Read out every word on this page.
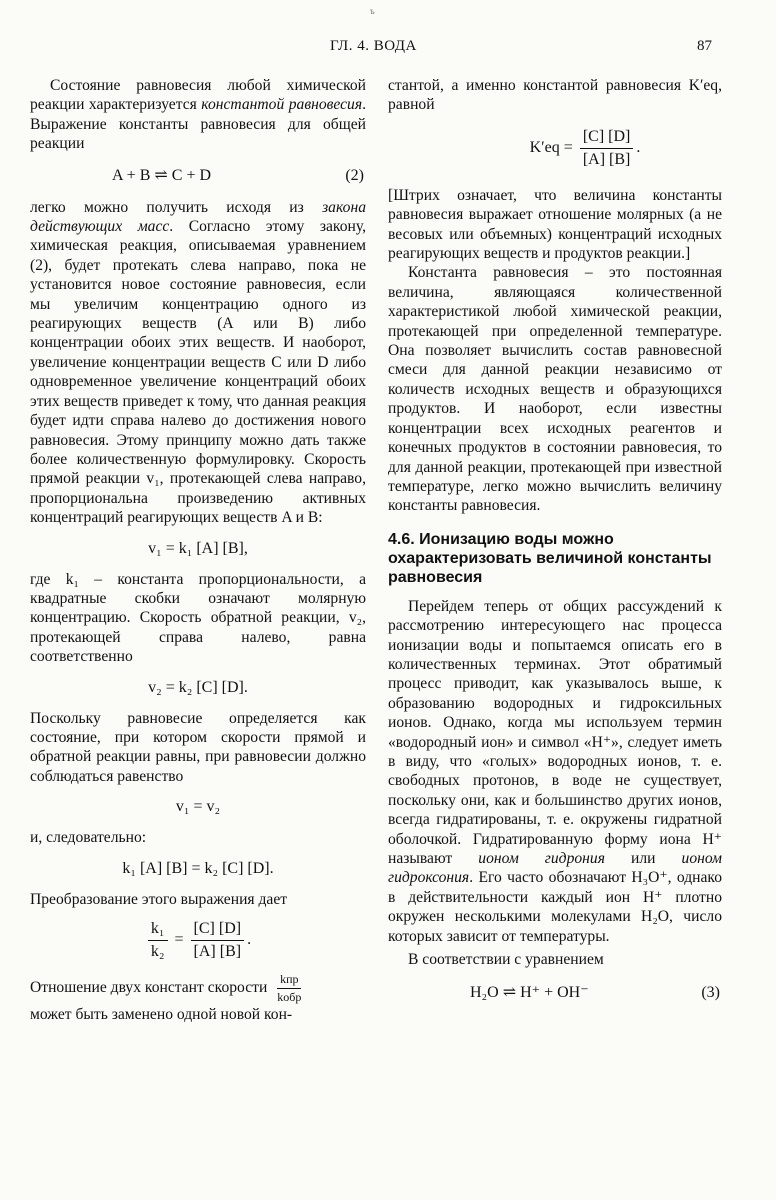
ъ
ГЛ. 4. ВОДА	87

Состояние равновесия любой химической реакции характеризуется константой равновесия. Выражение константы равновесия для общей реакции

A + B ⇌ C + D	(2)

легко можно получить исходя из закона действующих масс. Согласно этому закону, химическая реакция, описываемая уравнением (2), будет протекать слева направо, пока не установится новое состояние равновесия, если мы увеличим концентрацию одного из реагирующих веществ (A или B) либо концентрации обоих этих веществ. И наоборот, увеличение концентрации веществ C или D либо одновременное увеличение концентраций обоих этих веществ приведет к тому, что данная реакция будет идти справа налево до достижения нового равновесия. Этому принципу можно дать также более количественную формулировку. Скорость прямой реакции v₁, протекающей слева направо, пропорциональна произведению активных концентраций реагирующих веществ A и B:

v₁ = k₁ [A] [B],

где k₁ – константа пропорциональности, а квадратные скобки означают молярную концентрацию. Скорость обратной реакции, v₂, протекающей справа налево, равна соответственно

v₂ = k₂ [C] [D].

Поскольку равновесие определяется как состояние, при котором скорости прямой и обратной реакции равны, при равновесии должно соблюдаться равенство

v₁ = v₂

и, следовательно:

k₁ [A] [B] = k₂ [C] [D].

Преобразование этого выражения дает

$\frac{\text{k₁}}{\text{k₂}} = \frac{[C] [D]}{[A] [B]}$ .

Отношение двух констант скорости $\frac{\text{kпр}}{\text{kобр}}$

может быть заменено одной новой кон-

стантой, а именно константой равновесия K′eq, равной

$K'eq = \frac{[C] [D]}{[A] [B]}$ .

[Штрих означает, что величина константы равновесия выражает отношение молярных (а не весовых или объемных) концентраций исходных реагирующих веществ и продуктов реакции.]

Константа равновесия – это постоянная величина, являющаяся количественной характеристикой любой химической реакции, протекающей при определенной температуре. Она позволяет вычислить состав равновесной смеси для данной реакции независимо от количеств исходных веществ и образующихся продуктов. И наоборот, если известны концентрации всех исходных реагентов и конечных продуктов в состоянии равновесия, то для данной реакции, протекающей при известной температуре, легко можно вычислить величину константы равновесия.

4.6. Ионизацию воды можно охарактеризовать величиной константы равновесия

Перейдем теперь от общих рассуждений к рассмотрению интересующего нас процесса ионизации воды и попытаемся описать его в количественных терминах. Этот обратимый процесс приводит, как указывалось выше, к образованию водородных и гидроксильных ионов. Однако, когда мы используем термин «водородный ион» и символ «H⁺», следует иметь в виду, что «голых» водородных ионов, т. е. свободных протонов, в воде не существует, поскольку они, как и большинство других ионов, всегда гидратированы, т. е. окружены гидратной оболочкой. Гидратированную форму иона H⁺ называют ионом гидрония или ионом гидроксония. Его часто обозначают H₃O⁺, однако в действительности каждый ион H⁺ плотно окружен несколькими молекулами H₂O, число которых зависит от температуры.

В соответствии с уравнением

H₂O ⇌ H⁺ + OH⁻	(3)
